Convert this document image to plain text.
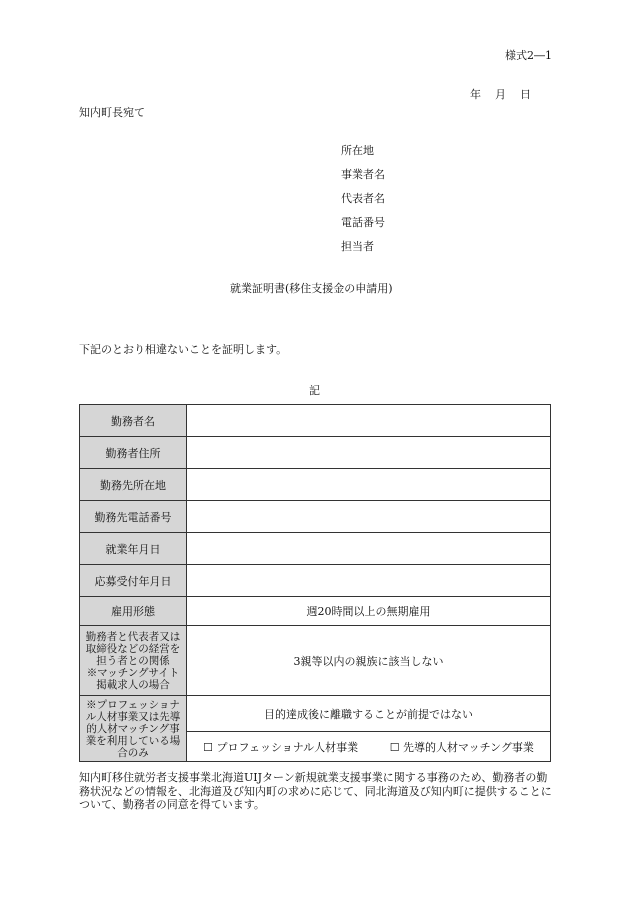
様式2―1
年 月 日
知内町長宛て
所在地
事業者名
代表者名
電話番号
担当者
就業証明書(移住支援金の申請用)
下記のとおり相違ないことを証明します。
記
勤務者名	
勤務者住所	
勤務先所在地	
勤務先電話番号	
就業年月日	
応募受付年月日	
雇用形態	週20時間以上の無期雇用

勤務者と代表者又は
取締役などの経営を
担う者との関係
※マッチングサイト
掲載求人の場合	3親等以内の親族に該当しない

※プロフェッショナ
ル人材事業又は先導
的人材マッチング事
業を利用している場
合のみ	目的達成後に離職することが前提ではない
	☐ プロフェッショナル人材事業 ☐ 先導的人材マッチング事業
知内町移住就労者支援事業北海道UIJターン新規就業支援事業に関する事務のため、勤務者の勤務状況などの情報を、北海道及び知内町の求めに応じて、同北海道及び知内町に提供することについて、勤務者の同意を得ています。
